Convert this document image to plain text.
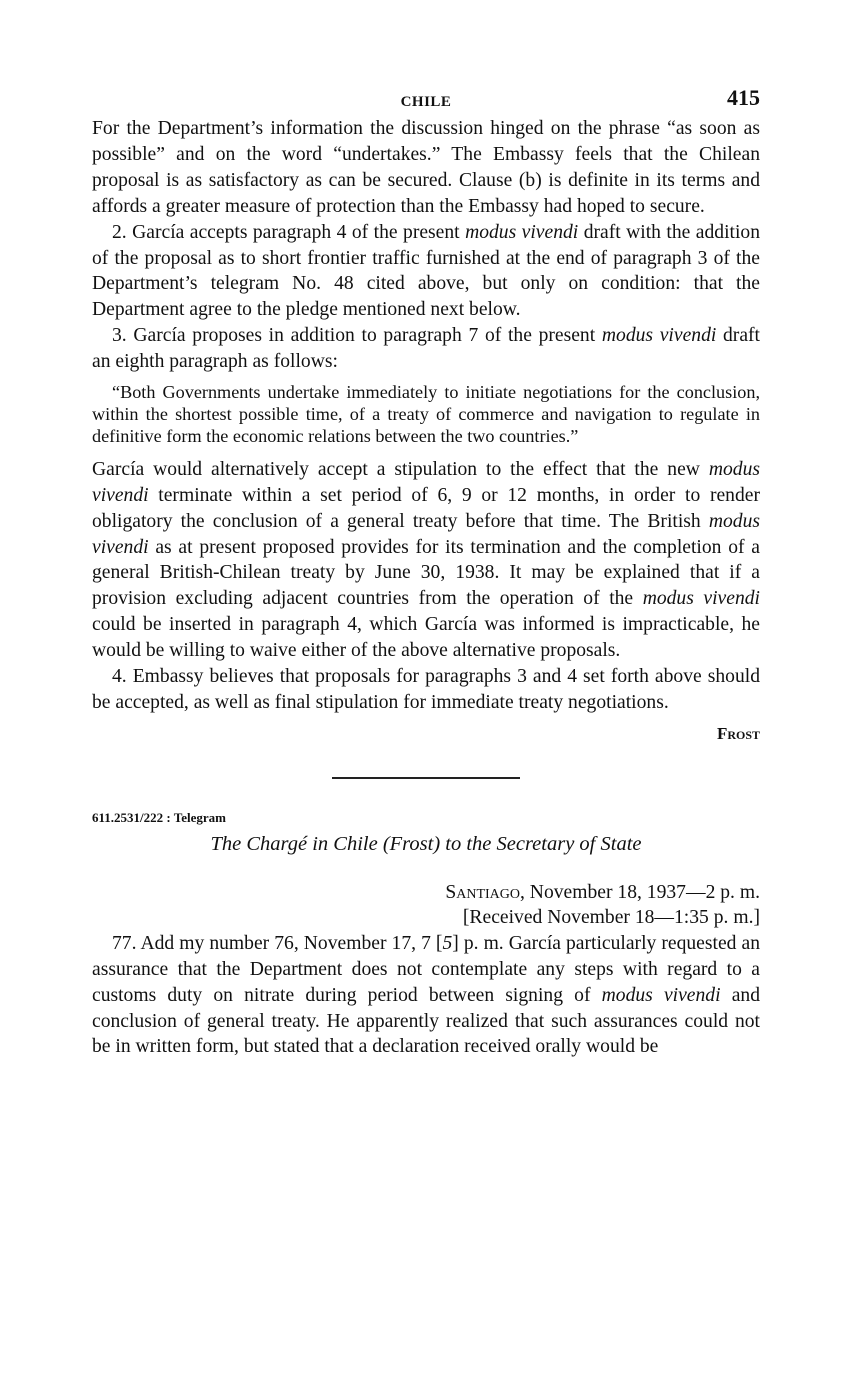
CHILE	415

For the Department’s information the discussion hinged on the phrase “as soon as possible” and on the word “undertakes.” The Embassy feels that the Chilean proposal is as satisfactory as can be secured. Clause (b) is definite in its terms and affords a greater measure of protection than the Embassy had hoped to secure.

2. García accepts paragraph 4 of the present modus vivendi draft with the addition of the proposal as to short frontier traffic furnished at the end of paragraph 3 of the Department’s telegram No. 48 cited above, but only on condition: that the Department agree to the pledge mentioned next below.

3. García proposes in addition to paragraph 7 of the present modus vivendi draft an eighth paragraph as follows:

“Both Governments undertake immediately to initiate negotiations for the conclusion, within the shortest possible time, of a treaty of commerce and navigation to regulate in definitive form the economic relations between the two countries.”

García would alternatively accept a stipulation to the effect that the new modus vivendi terminate within a set period of 6, 9 or 12 months, in order to render obligatory the conclusion of a general treaty before that time. The British modus vivendi as at present proposed provides for its termination and the completion of a general British-Chilean treaty by June 30, 1938. It may be explained that if a provision excluding adjacent countries from the operation of the modus vivendi could be inserted in paragraph 4, which García was informed is impracticable, he would be willing to waive either of the above alternative proposals.

4. Embassy believes that proposals for paragraphs 3 and 4 set forth above should be accepted, as well as final stipulation for immediate treaty negotiations.

Frost
611.2531/222 : Telegram
The Chargé in Chile (Frost) to the Secretary of State
Santiago, November 18, 1937—2 p. m.
[Received November 18—1:35 p. m.]

77. Add my number 76, November 17, 7 [5] p. m. García particularly requested an assurance that the Department does not contemplate any steps with regard to a customs duty on nitrate during period between signing of modus vivendi and conclusion of general treaty. He apparently realized that such assurances could not be in written form, but stated that a declaration received orally would be
